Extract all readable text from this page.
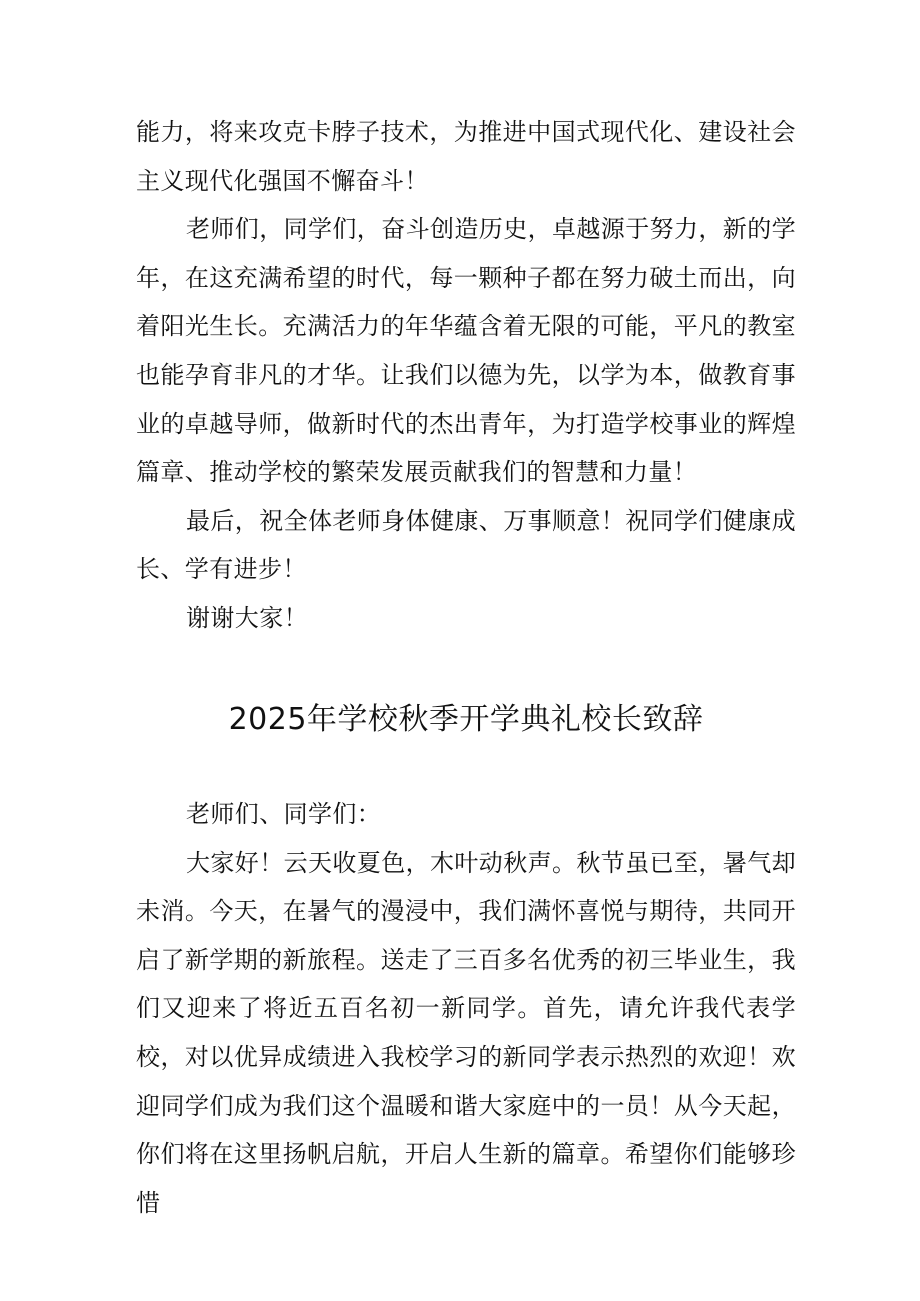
能力，将来攻克卡脖子技术，为推进中国式现代化、建设社会主义现代化强国不懈奋斗！

老师们，同学们，奋斗创造历史，卓越源于努力，新的学年，在这充满希望的时代，每一颗种子都在努力破土而出，向着阳光生长。充满活力的年华蕴含着无限的可能，平凡的教室也能孕育非凡的才华。让我们以德为先，以学为本，做教育事业的卓越导师，做新时代的杰出青年，为打造学校事业的辉煌篇章、推动学校的繁荣发展贡献我们的智慧和力量！

最后，祝全体老师身体健康、万事顺意！祝同学们健康成长、学有进步！

谢谢大家！

2025年学校秋季开学典礼校长致辞

老师们、同学们：

大家好！云天收夏色，木叶动秋声。秋节虽已至，暑气却未消。今天，在暑气的漫浸中，我们满怀喜悦与期待，共同开启了新学期的新旅程。送走了三百多名优秀的初三毕业生，我们又迎来了将近五百名初一新同学。首先，请允许我代表学校，对以优异成绩进入我校学习的新同学表示热烈的欢迎！欢迎同学们成为我们这个温暖和谐大家庭中的一员！从今天起，你们将在这里扬帆启航，开启人生新的篇章。希望你们能够珍惜
